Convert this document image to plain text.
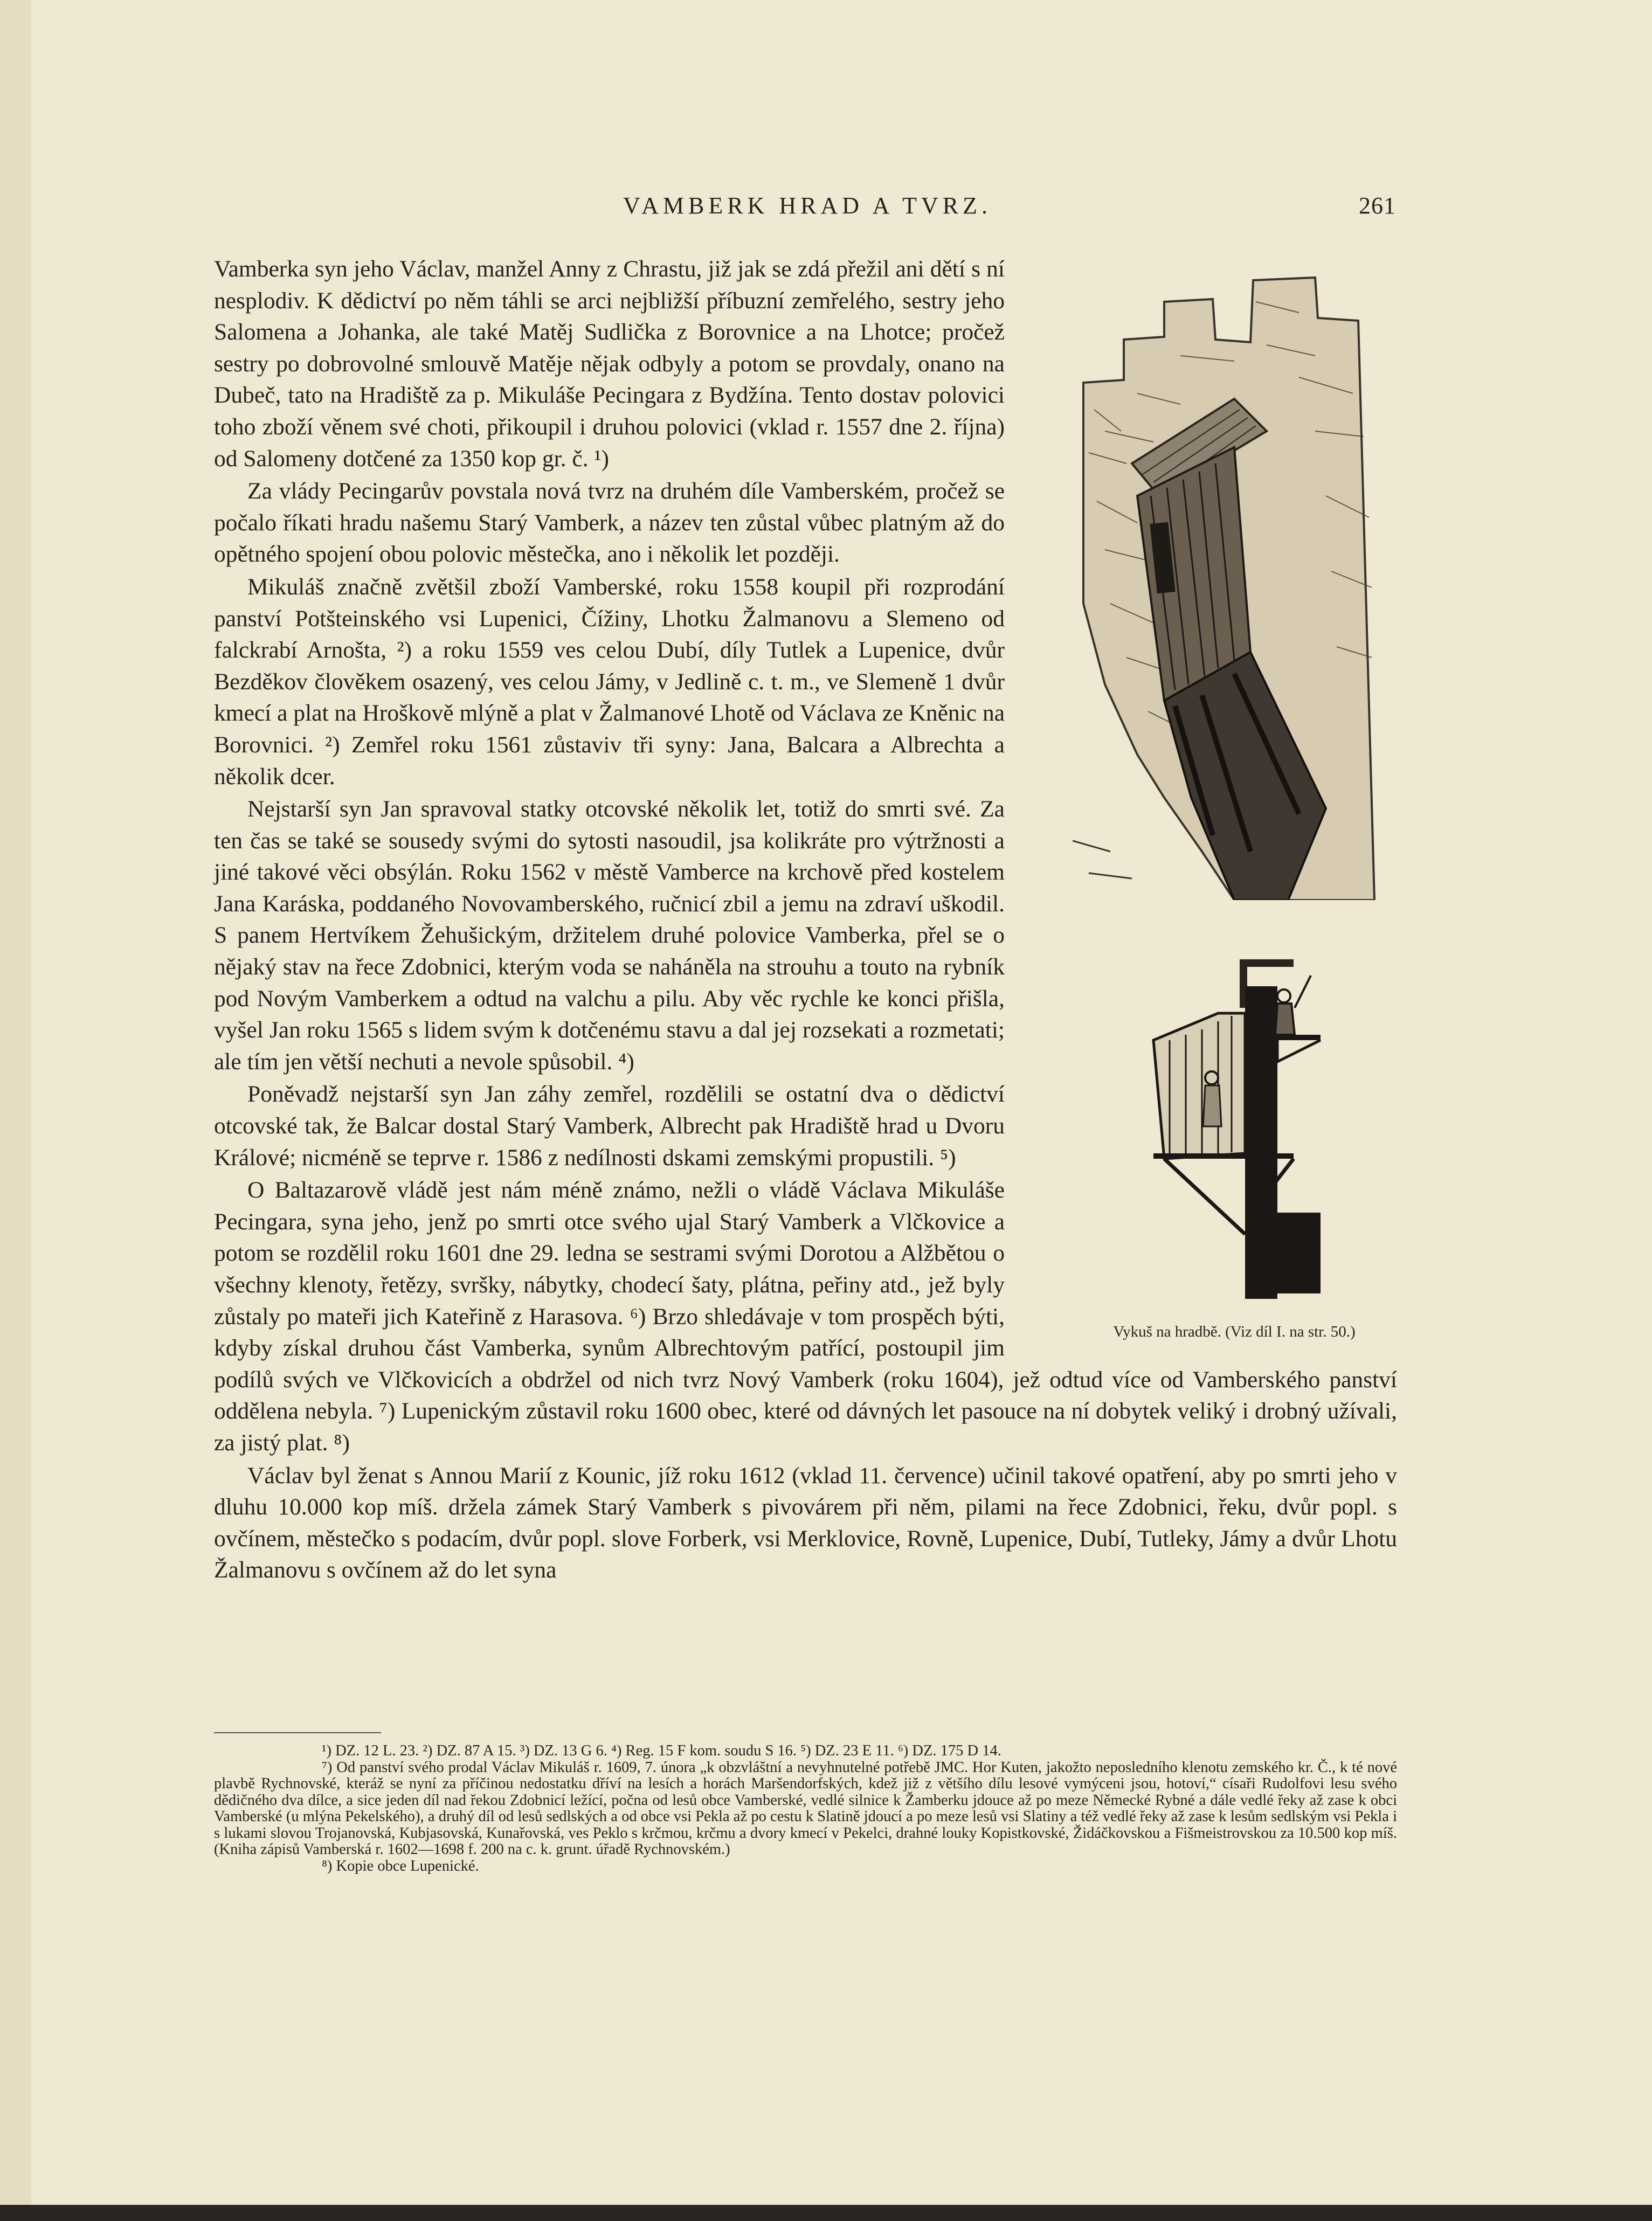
VAMBERK HRAD A TVRZ.	261

Vamberka syn jeho Václav, manžel Anny z Chrastu, již jak se zdá přežil ani dětí s ní nesplodiv. K dědictví po něm táhli se arci nejbližší příbuzní zemřelého, sestry jeho Salomena a Johanka, ale také Matěj Sudlička z Borovnice a na Lhotce; pročež sestry po dobrovolné smlouvě Matěje nějak odbyly a potom se provdaly, onano na Dubeč, tato na Hradiště za p. Mikuláše Pecingara z Bydžína. Tento dostav polovici toho zboží věnem své choti, přikoupil i druhou polovici (vklad r. 1557 dne 2. října) od Salomeny dotčené za 1350 kop gr. č. ¹)

Za vlády Pecingarův povstala nová tvrz na druhém díle Vamberském, pročež se počalo říkati hradu našemu Starý Vamberk, a název ten zůstal vůbec platným až do opětného spojení obou polovic městečka, ano i několik let později.

Mikuláš značně zvětšil zboží Vamberské, roku 1558 koupil při rozprodání panství Potšteinského vsi Lupenici, Čížiny, Lhotku Žalmanovu a Slemeno od falckrabí Arnošta, ²) a roku 1559 ves celou Dubí, díly Tutlek a Lupenice, dvůr Bezděkov člověkem osazený, ves celou Jámy, v Jedlině c. t. m., ve Slemeně 1 dvůr kmecí a plat na Hroškově mlýně a plat v Žalmanové Lhotě od Václava ze Kněnic na Borovnici. ²) Zemřel roku 1561 zůstaviv tři syny: Jana, Balcara a Albrechta a několik dcer.

Nejstarší syn Jan spravoval statky otcovské několik let, totiž do smrti své. Za ten čas se také se sousedy svými do sytosti nasoudil, jsa kolikráte pro výtržnosti a jiné takové věci obsýlán. Roku 1562 v městě Vamberce na krchově před kostelem Jana Karáska, poddaného Novovamberského, ručnicí zbil a jemu na zdraví uškodil. S panem Hertvíkem Žehušickým, držitelem druhé polovice Vamberka, přel se o nějaký stav na řece Zdobnici, kterým voda se naháněla na strouhu a touto na rybník pod Novým Vamberkem a odtud na valchu a pilu. Aby věc rychle ke konci přišla, vyšel Jan roku 1565 s lidem svým k dotčenému stavu a dal jej rozsekati a rozmetati; ale tím jen větší nechuti a nevole spůsobil. ⁴)

Poněvadž nejstarší syn Jan záhy zemřel, rozdělili se ostatní dva o dědictví otcovské tak, že Balcar dostal Starý Vamberk, Albrecht pak Hradiště hrad u Dvoru Králové; nicméně se teprve r. 1586 z nedílnosti dskami zemskými propustili. ⁵)

O Baltazarově vládě jest nám méně známo, nežli o vládě Václava Mikuláše Pecingara, syna jeho, jenž po smrti otce svého ujal Starý Vamberk a Vlčkovice a potom se rozdělil roku 1601 dne 29. ledna se sestrami svými Dorotou a Alžbětou o všechny klenoty, řetězy, svršky, nábytky, chodecí šaty, plátna, peřiny atd., jež byly zůstaly po mateři jich Kateřině z Harasova. ⁶) Brzo shledávaje v tom prospěch býti, kdyby získal druhou část Vamberka, synům Albrechtovým patřící, postoupil jim podílů svých ve Vlčkovicích a obdržel od nich tvrz Nový Vamberk (roku 1604), jež odtud více od Vamberského panství oddělena nebyla. ⁷) Lupenickým zůstavil roku 1600 obec, které od dávných let pasouce na ní dobytek veliký i drobný užívali, za jistý plat. ⁸)

Václav byl ženat s Annou Marií z Kounic, jíž roku 1612 (vklad 11. července) učinil takové opatření, aby po smrti jeho v dluhu 10.000 kop míš. držela zámek Starý Vamberk s pivovárem při něm, pilami na řece Zdobnici, řeku, dvůr popl. s ovčínem, městečko s podacím, dvůr popl. slove Forberk, vsi Merklovice, Rovně, Lupenice, Dubí, Tutleky, Jámy a dvůr Lhotu Žalmanovu s ovčínem až do let syna

Vykuš na hradbě. (Viz díl I. na str. 50.)

¹) DZ. 12 L. 23. ²) DZ. 87 A 15. ³) DZ. 13 G 6. ⁴) Reg. 15 F kom. soudu S 16. ⁵) DZ. 23 E 11. ⁶) DZ. 175 D 14.

⁷) Od panství svého prodal Václav Mikuláš r. 1609, 7. února „k obzvláštní a nevyhnutelné potřebě JMC. Hor Kuten, jakožto neposledního klenotu zemského kr. Č., k té nové plavbě Rychnovské, kteráž se nyní za příčinou nedostatku dříví na lesích a horách Maršendorfských, kdež již z většího dílu lesové vymýceni jsou, hotoví,“ císaři Rudolfovi lesu svého dědičného dva dílce, a sice jeden díl nad řekou Zdobnicí ležící, počna od lesů obce Vamberské, vedlé silnice k Žamberku jdouce až po meze Německé Rybné a dále vedlé řeky až zase k obci Vamberské (u mlýna Pekelského), a druhý díl od lesů sedlských a od obce vsi Pekla až po cestu k Slatině jdoucí a po meze lesů vsi Slatiny a též vedlé řeky až zase k lesům sedlským vsi Pekla i s lukami slovou Trojanovská, Kubjasovská, Kunařovská, ves Peklo s krčmou, krčmu a dvory kmecí v Pekelci, drahné louky Kopistkovské, Židáčkovskou a Fišmeistrovskou za 10.500 kop míš. (Kniha zápisů Vamberská r. 1602—1698 f. 200 na c. k. grunt. úřadě Rychnovském.)

⁸) Kopie obce Lupenické.
